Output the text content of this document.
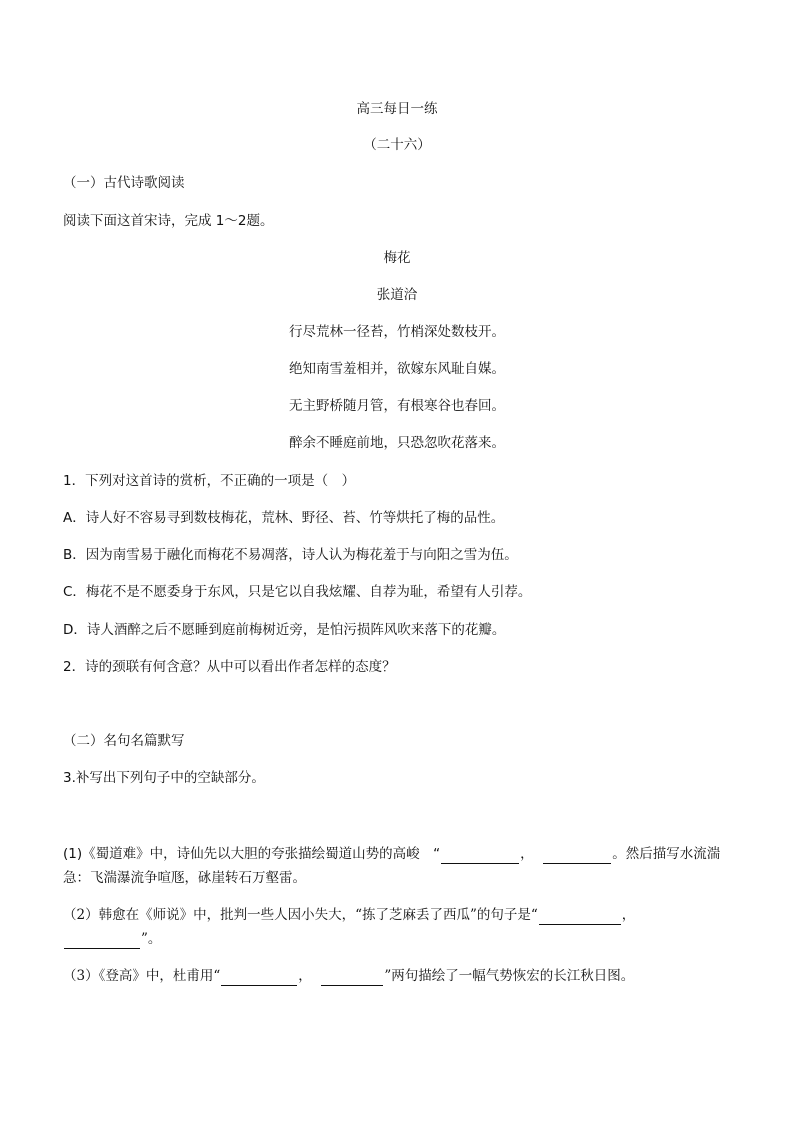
高三每日一练
（二十六）
（一）古代诗歌阅读
阅读下面这首宋诗，完成 1～2题。
梅花
张道洽
行尽荒林一径苔，竹梢深处数枝开。
绝知南雪羞相并，欲嫁东风耻自媒。
无主野桥随月管，有根寒谷也春回。
醉余不睡庭前地，只恐忽吹花落来。
1．下列对这首诗的赏析，不正确的一项是（　）
A．诗人好不容易寻到数枝梅花，荒林、野径、苔、竹等烘托了梅的品性。
B．因为南雪易于融化而梅花不易凋落，诗人认为梅花羞于与向阳之雪为伍。
C．梅花不是不愿委身于东风，只是它以自我炫耀、自荐为耻，希望有人引荐。
D．诗人酒醉之后不愿睡到庭前梅树近旁，是怕污损阵风吹来落下的花瓣。
2．诗的颈联有何含意？从中可以看出作者怎样的态度？
（二）名句名篇默写
3.补写出下列句子中的空缺部分。
(1)《蜀道难》中，诗仙先以大胆的夸张描绘蜀道山势的高峻　“	，	。然后描写水流湍
急：飞湍瀑流争喧豗，砯崖转石万壑雷。
（2）韩愈在《师说》中，批判一些人因小失大，“拣了芝麻丢了西瓜”的句子是“	，
”。
（3）《登高》中，杜甫用“	，	”两句描绘了一幅气势恢宏的长江秋日图。
